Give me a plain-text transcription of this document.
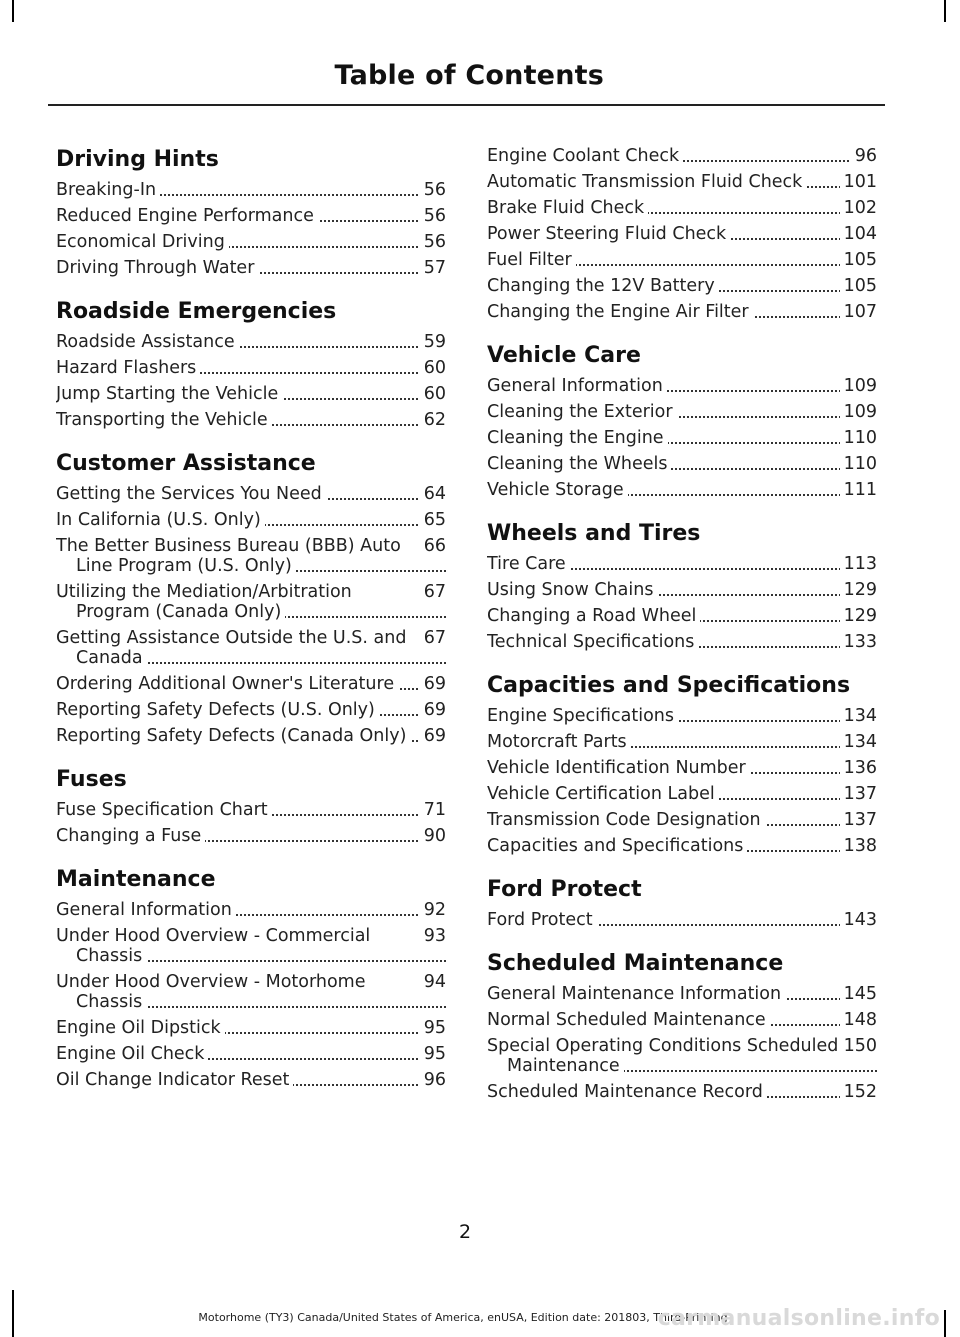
Table of Contents
Driving Hints
56
Breaking-In
56
Reduced Engine Performance
56
Economical Driving
57
Driving Through Water
Roadside Emergencies
59
Roadside Assistance
60
Hazard Flashers
60
Jump Starting the Vehicle
62
Transporting the Vehicle
Customer Assistance
64
Getting the Services You Need
65
In California (U.S. Only)
66
The Better Business Bureau (BBB) Auto Line Program (U.S. Only)
67
Utilizing the Mediation/Arbitration Program (Canada Only)
67
Getting Assistance Outside the U.S. and Canada
69
Ordering Additional Owner's Literature
69
Reporting Safety Defects (U.S. Only)
69
Reporting Safety Defects (Canada Only)
Fuses
71
Fuse Specification Chart
90
Changing a Fuse
Maintenance
92
General Information
93
Under Hood Overview - Commercial Chassis
94
Under Hood Overview - Motorhome Chassis
95
Engine Oil Dipstick
95
Engine Oil Check
96
Oil Change Indicator Reset
96
Engine Coolant Check
101
Automatic Transmission Fluid Check
102
Brake Fluid Check
104
Power Steering Fluid Check
105
Fuel Filter
105
Changing the 12V Battery
107
Changing the Engine Air Filter
Vehicle Care
109
General Information
109
Cleaning the Exterior
110
Cleaning the Engine
110
Cleaning the Wheels
111
Vehicle Storage
Wheels and Tires
113
Tire Care
129
Using Snow Chains
129
Changing a Road Wheel
133
Technical Specifications
Capacities and Specifications
134
Engine Specifications
134
Motorcraft Parts
136
Vehicle Identification Number
137
Vehicle Certification Label
137
Transmission Code Designation
138
Capacities and Specifications
Ford Protect
143
Ford Protect
Scheduled Maintenance
145
General Maintenance Information
148
Normal Scheduled Maintenance
150
Special Operating Conditions Scheduled Maintenance
152
Scheduled Maintenance Record
2
Motorhome (TY3) Canada/United States of America, enUSA, Edition date: 201803, Third-Printing-
carmanualsonline.info
